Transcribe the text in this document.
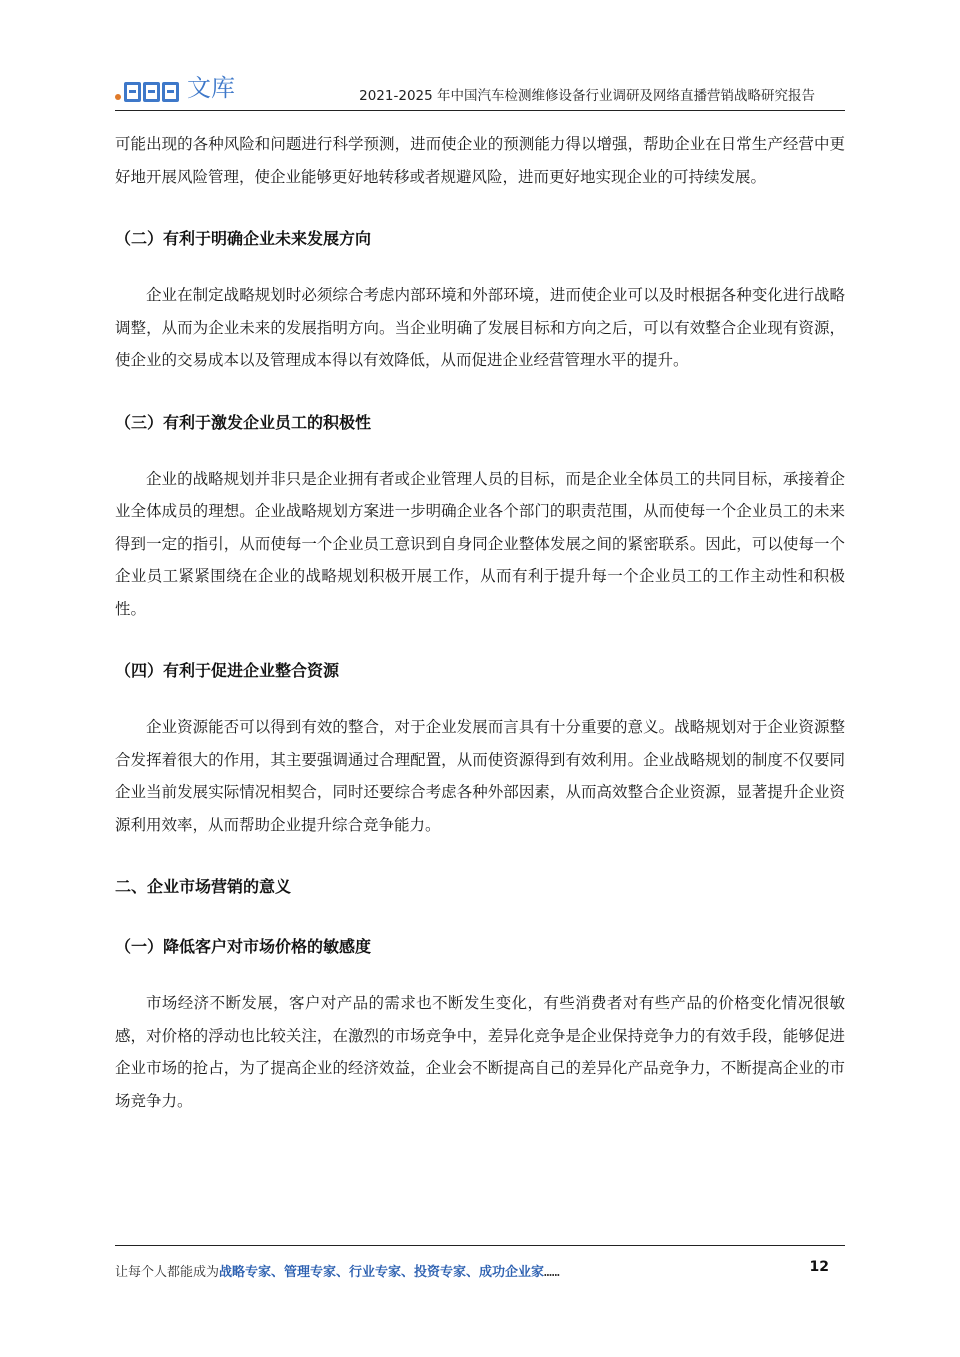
文库	2021-2025 年中国汽车检测维修设备行业调研及网络直播营销战略研究报告

可能出现的各种风险和问题进行科学预测，进而使企业的预测能力得以增强，帮助企业在日常生产经营中更好地开展风险管理，使企业能够更好地转移或者规避风险，进而更好地实现企业的可持续发展。

（二）有利于明确企业未来发展方向

企业在制定战略规划时必须综合考虑内部环境和外部环境，进而使企业可以及时根据各种变化进行战略调整，从而为企业未来的发展指明方向。当企业明确了发展目标和方向之后，可以有效整合企业现有资源，使企业的交易成本以及管理成本得以有效降低，从而促进企业经营管理水平的提升。

（三）有利于激发企业员工的积极性

企业的战略规划并非只是企业拥有者或企业管理人员的目标，而是企业全体员工的共同目标，承接着企业全体成员的理想。企业战略规划方案进一步明确企业各个部门的职责范围，从而使每一个企业员工的未来得到一定的指引，从而使每一个企业员工意识到自身同企业整体发展之间的紧密联系。因此，可以使每一个企业员工紧紧围绕在企业的战略规划积极开展工作，从而有利于提升每一个企业员工的工作主动性和积极性。

（四）有利于促进企业整合资源

企业资源能否可以得到有效的整合，对于企业发展而言具有十分重要的意义。战略规划对于企业资源整合发挥着很大的作用，其主要强调通过合理配置，从而使资源得到有效利用。企业战略规划的制度不仅要同企业当前发展实际情况相契合，同时还要综合考虑各种外部因素，从而高效整合企业资源，显著提升企业资源利用效率，从而帮助企业提升综合竞争能力。

二、企业市场营销的意义
（一）降低客户对市场价格的敏感度

市场经济不断发展，客户对产品的需求也不断发生变化，有些消费者对有些产品的价格变化情况很敏感，对价格的浮动也比较关注，在激烈的市场竞争中，差异化竞争是企业保持竞争力的有效手段，能够促进企业市场的抢占，为了提高企业的经济效益，企业会不断提高自己的差异化产品竞争力，不断提高企业的市场竞争力。

让每个人都能成为战略专家、管理专家、行业专家、投资专家、成功企业家……	12
